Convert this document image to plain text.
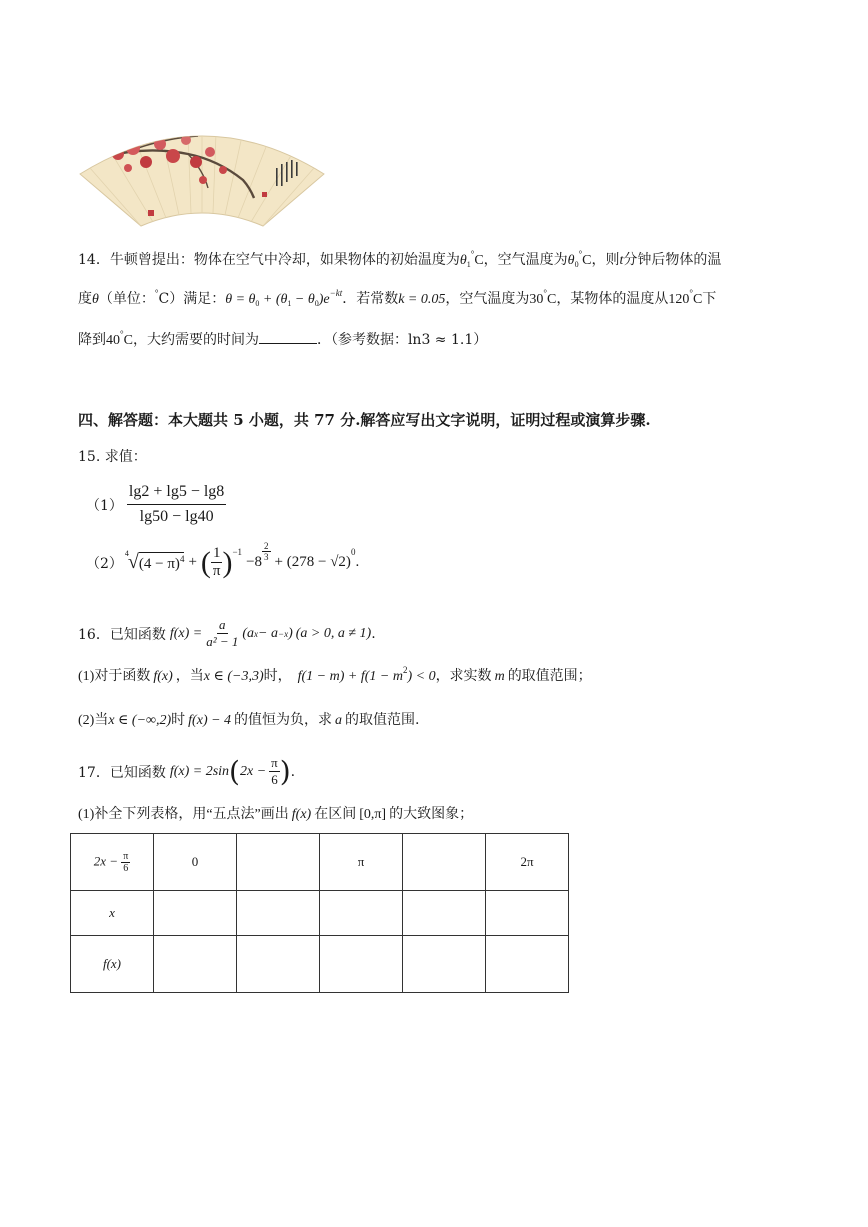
14．牛顿曾提出：物体在空气中冷却，如果物体的初始温度为$\theta_1^\circ C$，空气温度为$\theta_0^\circ C$，则t分钟后物体的温
度θ（单位：°C）满足：$\theta = \theta_0 + (\theta_1 - \theta_0)e^{-kt}$．若常数k = 0.05，空气温度为30°C，某物体的温度从120°C下
降到40°C，大约需要的时间为	．（参考数据：ln3 ≈ 1.1）
四、解答题：本大题共 5 小题，共 77 分.解答应写出文字说明，证明过程或演算步骤.
15. 求值：
$(1) \frac{\lg 2 + \lg 5 - \lg 8}{\lg 50 - \lg 40}$
（2）
4 √ $(4 - \pi)^4$ + ( $\frac{1}{\pi} )^{-1}$
$-8 \frac{2}{3} + (278 - √2)$
$^0$
.
16．已知函数 $f(x) = \frac{a}{\text{a² − 1}} (a$ x − a −x ) (a > 0, a ≠ 1) .
(1)对于函数 f(x) ，当x ∈ (−3,3)时， $f(1 - m) + f(1 - m^2) < 0$，求实数 m 的取值范围；
(2)当x ∈ (−∞,2)时 f(x) − 4 的值恒为负，求 a 的取值范围.
17．已知函数 f(x) = 2sin ( $2x - \frac{\pi}{6}$ ) .
(1)补全下列表格，用“五点法”画出 f(x) 在区间 [0,π] 的大致图象；
$2x - \frac{\pi}{6}$	0		π		2π
x					
f(x)					
